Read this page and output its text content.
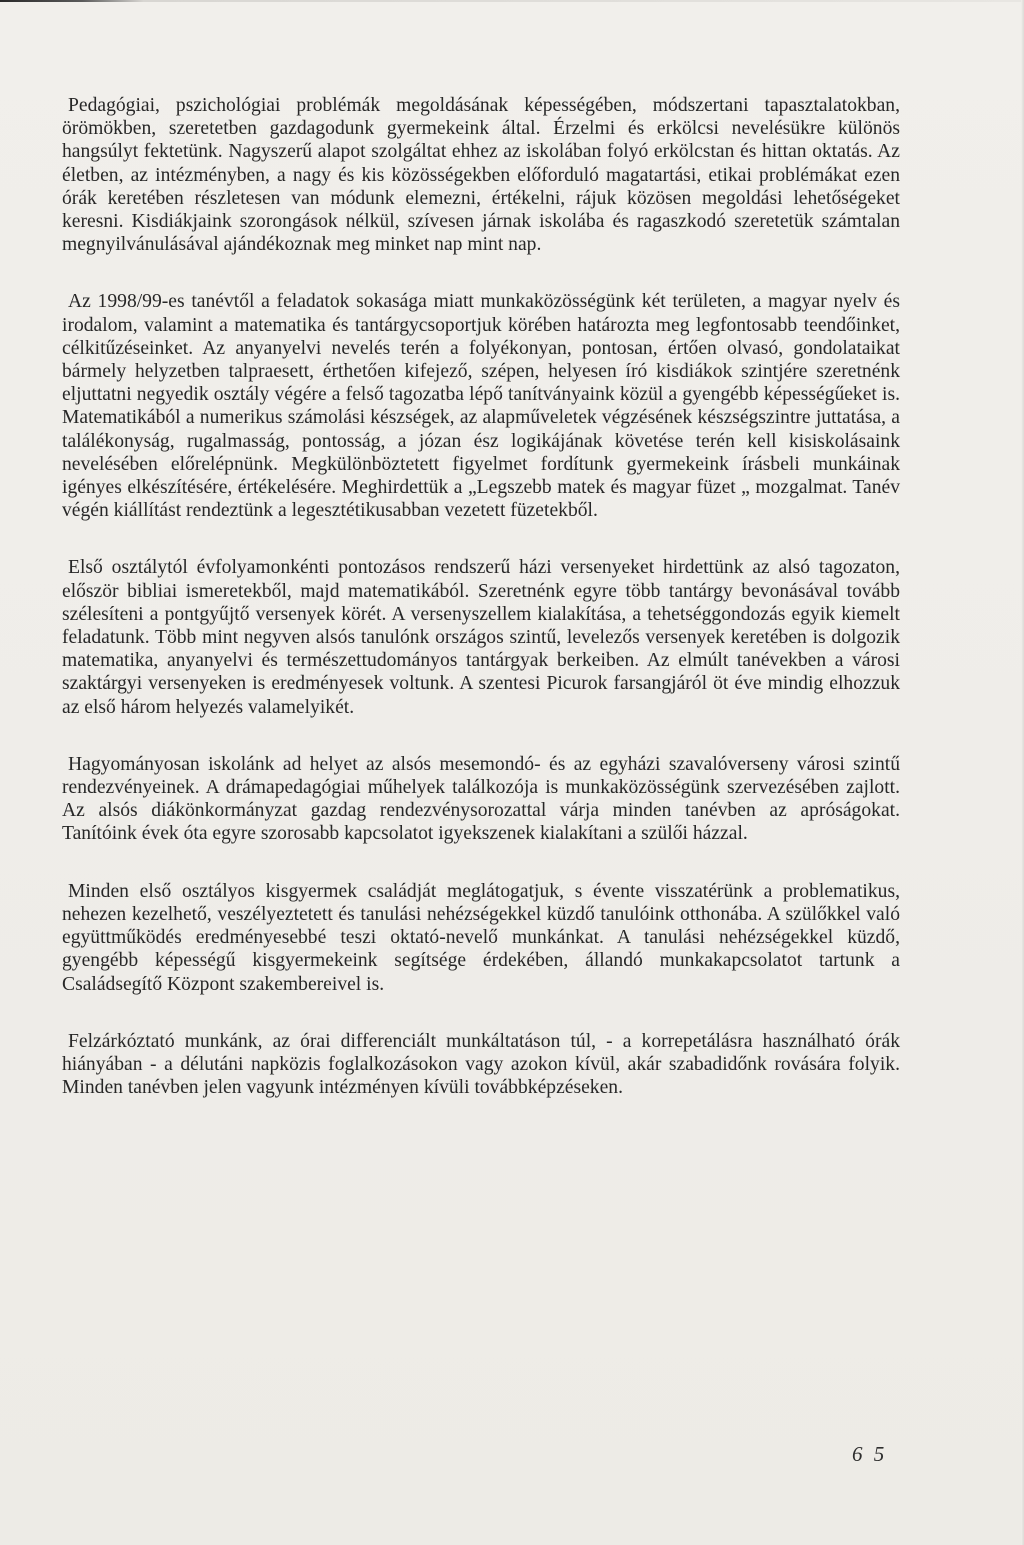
Pedagógiai, pszichológiai problémák megoldásának képességében, módszertani tapasztalatokban, örömökben, szeretetben gazdagodunk gyermekeink által. Érzelmi és erkölcsi nevelésükre különös hangsúlyt fektetünk. Nagyszerű alapot szolgáltat ehhez az iskolában folyó erkölcstan és hittan oktatás. Az életben, az intézményben, a nagy és kis közösségekben előforduló magatartási, etikai problémákat ezen órák keretében részletesen van módunk elemezni, értékelni, rájuk közösen megoldási lehetőségeket keresni. Kisdiákjaink szorongások nélkül, szívesen járnak iskolába és ragaszkodó szeretetük számtalan megnyilvánulásával ajándékoznak meg minket nap mint nap.

Az 1998/99-es tanévtől a feladatok sokasága miatt munkaközösségünk két területen, a magyar nyelv és irodalom, valamint a matematika és tantárgycsoportjuk körében határozta meg legfontosabb teendőinket, célkitűzéseinket. Az anyanyelvi nevelés terén a folyékonyan, pontosan, értően olvasó, gondolataikat bármely helyzetben talpraesett, érthetően kifejező, szépen, helyesen író kisdiákok szintjére szeretnénk eljuttatni negyedik osztály végére a felső tagozatba lépő tanítványaink közül a gyengébb képességűeket is. Matematikából a numerikus számolási készségek, az alapműveletek végzésének készségszintre juttatása, a találékonyság, rugalmasság, pontosság, a józan ész logikájának követése terén kell kisiskolásaink nevelésében előrelépnünk. Megkülönböztetett figyelmet fordítunk gyermekeink írásbeli munkáinak igényes elkészítésére, értékelésére. Meghirdettük a „Legszebb matek és magyar füzet „ mozgalmat. Tanév végén kiállítást rendeztünk a legesztétikusabban vezetett füzetekből.

Első osztálytól évfolyamonkénti pontozásos rendszerű házi versenyeket hirdettünk az alsó tagozaton, először bibliai ismeretekből, majd matematikából. Szeretnénk egyre több tantárgy bevonásával tovább szélesíteni a pontgyűjtő versenyek körét. A versenyszellem kialakítása, a tehetséggondozás egyik kiemelt feladatunk. Több mint negyven alsós tanulónk országos szintű, levelezős versenyek keretében is dolgozik matematika, anyanyelvi és természettudományos tantárgyak berkeiben. Az elmúlt tanévekben a városi szaktárgyi versenyeken is eredményesek voltunk. A szentesi Picurok farsangjáról öt éve mindig elhozzuk az első három helyezés valamelyikét.

Hagyományosan iskolánk ad helyet az alsós mesemondó- és az egyházi szavalóverseny városi szintű rendezvényeinek. A drámapedagógiai műhelyek találkozója is munkaközösségünk szervezésében zajlott. Az alsós diákönkormányzat gazdag rendezvénysorozattal várja minden tanévben az apróságokat. Tanítóink évek óta egyre szorosabb kapcsolatot igyekszenek kialakítani a szülői házzal.

Minden első osztályos kisgyermek családját meglátogatjuk, s évente visszatérünk a problematikus, nehezen kezelhető, veszélyeztetett és tanulási nehézségekkel küzdő tanulóink otthonába. A szülőkkel való együttműködés eredményesebbé teszi oktató-nevelő munkánkat. A tanulási nehézségekkel küzdő, gyengébb képességű kisgyermekeink segítsége érdekében, állandó munkakapcsolatot tartunk a Családsegítő Központ szakembereivel is.

Felzárkóztató munkánk, az órai differenciált munkáltatáson túl, - a korrepetálásra használható órák hiányában - a délutáni napközis foglalkozásokon vagy azokon kívül, akár szabadidőnk rovására folyik. Minden tanévben jelen vagyunk intézményen kívüli továbbképzéseken.

6 5
